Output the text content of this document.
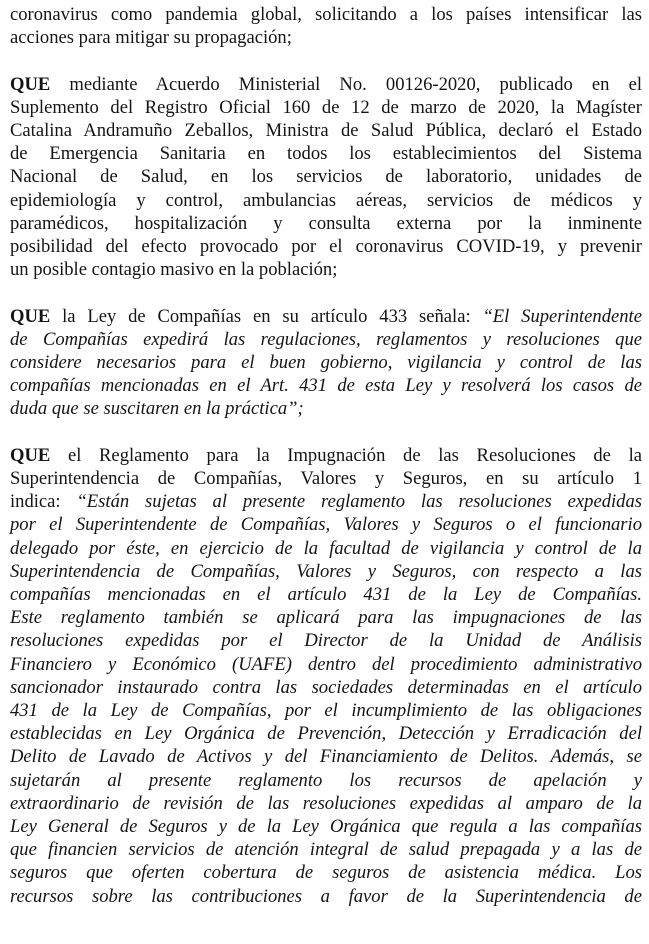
coronavirus como pandemia global, solicitando a los países intensificar las
acciones para mitigar su propagación;
QUE mediante Acuerdo Ministerial No. 00126-2020, publicado en el
Suplemento del Registro Oficial 160 de 12 de marzo de 2020, la Magíster
Catalina Andramuño Zeballos, Ministra de Salud Pública, declaró el Estado
de Emergencia Sanitaria en todos los establecimientos del Sistema
Nacional de Salud, en los servicios de laboratorio, unidades de
epidemiología y control, ambulancias aéreas, servicios de médicos y
paramédicos, hospitalización y consulta externa por la inminente
posibilidad del efecto provocado por el coronavirus COVID-19, y prevenir
un posible contagio masivo en la población;
QUE la Ley de Compañías en su artículo 433 señala: “El Superintendente
de Compañías expedirá las regulaciones, reglamentos y resoluciones que
considere necesarios para el buen gobierno, vigilancia y control de las
compañías mencionadas en el Art. 431 de esta Ley y resolverá los casos de
duda que se suscitaren en la práctica”;
QUE el Reglamento para la Impugnación de las Resoluciones de la
Superintendencia de Compañías, Valores y Seguros, en su artículo 1
indica: “Están sujetas al presente reglamento las resoluciones expedidas
por el Superintendente de Compañías, Valores y Seguros o el funcionario
delegado por éste, en ejercicio de la facultad de vigilancia y control de la
Superintendencia de Compañías, Valores y Seguros, con respecto a las
compañías mencionadas en el artículo 431 de la Ley de Compañías.
Este reglamento también se aplicará para las impugnaciones de las
resoluciones expedidas por el Director de la Unidad de Análisis
Financiero y Económico (UAFE) dentro del procedimiento administrativo
sancionador instaurado contra las sociedades determinadas en el artículo
431 de la Ley de Compañías, por el incumplimiento de las obligaciones
establecidas en Ley Orgánica de Prevención, Detección y Erradicación del
Delito de Lavado de Activos y del Financiamiento de Delitos. Además, se
sujetarán al presente reglamento los recursos de apelación y
extraordinario de revisión de las resoluciones expedidas al amparo de la
Ley General de Seguros y de la Ley Orgánica que regula a las compañías
que financien servicios de atención integral de salud prepagada y a las de
seguros que oferten cobertura de seguros de asistencia médica. Los
recursos sobre las contribuciones a favor de la Superintendencia de
